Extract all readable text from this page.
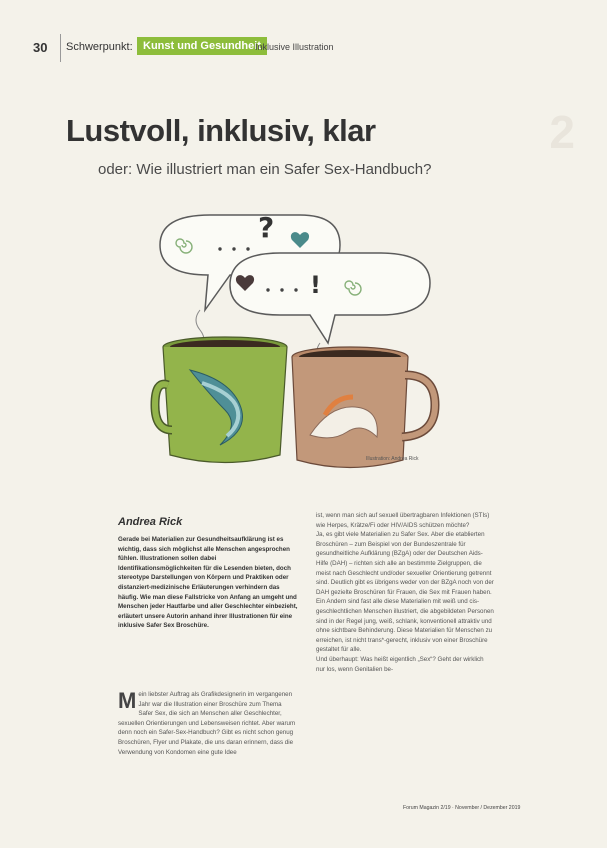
30 Schwerpunkt: Kunst und Gesundheit
Inklusive Illustration
2
Lustvoll, inklusiv, klar
oder: Wie illustriert man ein Safer Sex-Handbuch?
?
!
Illustration: Andrea Rick
Andrea Rick

Gerade bei Materialien zur Gesundheitsaufklärung ist es wichtig, dass sich möglichst alle Menschen angesprochen fühlen. Illustrationen sollen dabei Identifikationsmöglichkeiten für die Lesenden bieten, doch stereotype Darstellungen von Körpern und Praktiken oder distanziert-medizinische Erläuterungen verhindern das häufig. Wie man diese Fallstricke von Anfang an umgeht und Menschen jeder Hautfarbe und aller Geschlechter einbezieht, erläutert unsere Autorin anhand ihrer Illustrationen für eine inklusive Safer Sex Broschüre.

M ein liebster Auftrag als Grafikdesignerin im vergangenen Jahr war die Illustration einer Broschüre zum Thema Safer Sex, die sich an Menschen aller Geschlechter, sexuellen Orientierungen und Lebensweisen richtet. Aber warum denn noch ein Safer-Sex-Handbuch? Gibt es nicht schon genug Broschüren, Flyer und Plakate, die uns daran erinnern, dass die Verwendung von Kondomen eine gute Idee

ist, wenn man sich auf sexuell übertragbaren Infektionen (STIs) wie Herpes, Krätze/Fi oder HIV/AIDS schützen möchte?

Ja, es gibt viele Materialien zu Safer Sex. Aber die etablierten Broschüren – zum Beispiel von der Bundeszentrale für gesundheitliche Aufklärung (BZgA) oder der Deutschen Aids-Hilfe (DAH) – richten sich alle an bestimmte Zielgruppen, die meist nach Geschlecht und/oder sexueller Orientierung getrennt sind. Deutlich gibt es übrigens weder von der BZgA noch von der DAH gezielte Broschüren für Frauen, die Sex mit Frauen haben. Ein Andern sind fast alle diese Materialien mit weiß und cis-geschlechtlichen Menschen illustriert, die abgebildeten Personen sind in der Regel jung, weiß, schlank, konventionell attraktiv und ohne sichtbare Behinderung. Diese Materialien für Menschen zu erreichen, ist nicht trans*-gerecht, inklusiv von einer Broschüre gestaltet für alle.

Und überhaupt: Was heißt eigentlich „Sex“? Geht der wirklich nur los, wenn Genitalien be-

Forum Magazin 2/19 · November / Dezember 2019
